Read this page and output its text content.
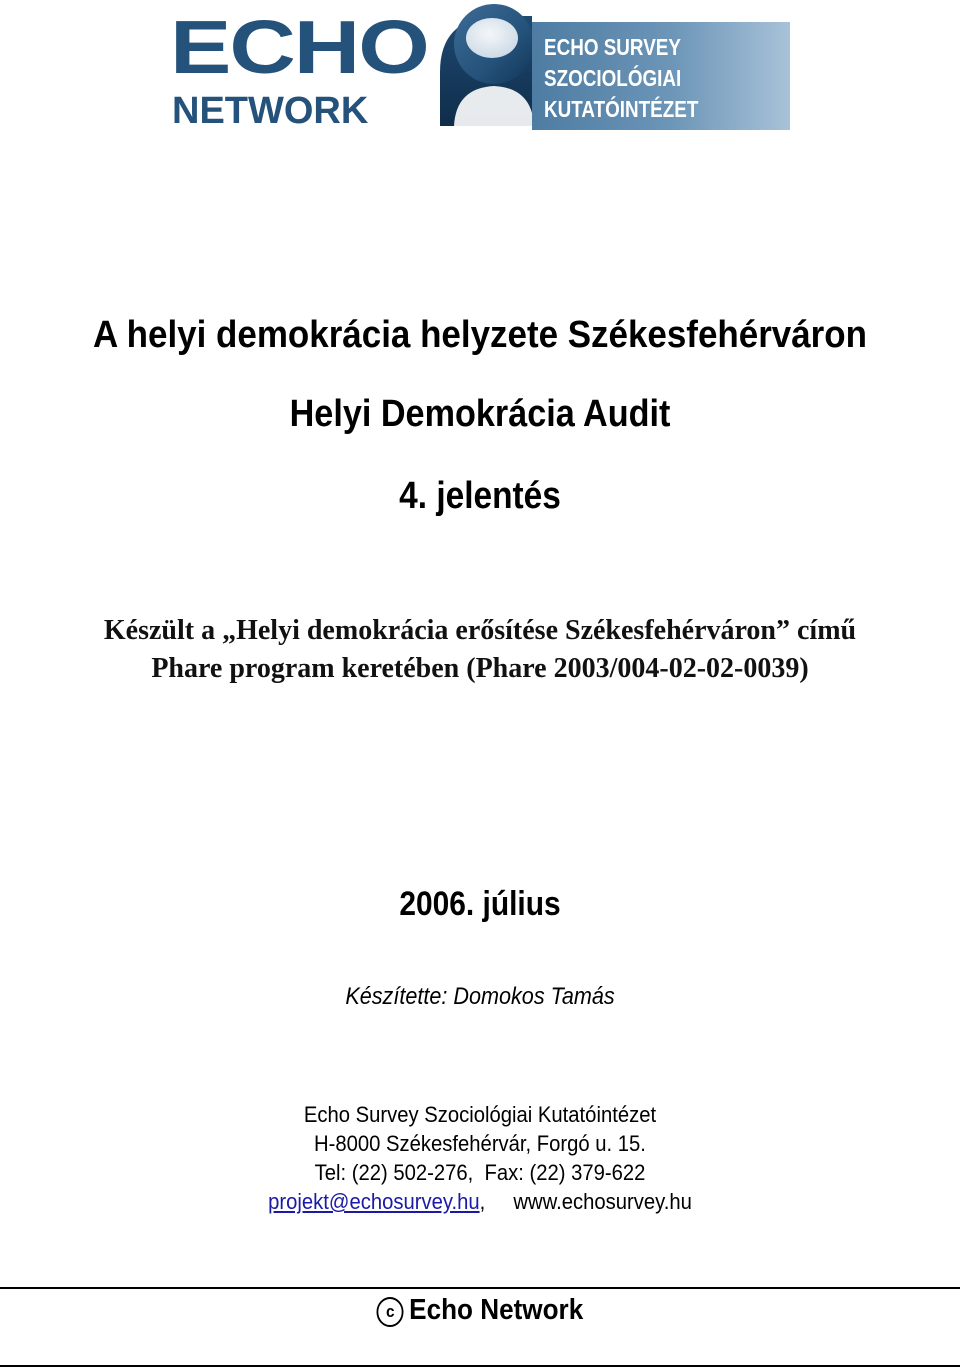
ECHO
NETWORK
ECHO SURVEY
SZOCIOLÓGIAI
KUTATÓINTÉZET
A helyi demokrácia helyzete Székesfehérváron
Helyi Demokrácia Audit
4. jelentés
Készült a „Helyi demokrácia erősítése Székesfehérváron” című
Phare program keretében (Phare 2003/004-02-02-0039)
2006. július
Készítette: Domokos Tamás
Echo Survey Szociológiai Kutatóintézet
H-8000 Székesfehérvár, Forgó u. 15.
Tel: (22) 502-276,  Fax: (22) 379-622
projekt@echosurvey.hu, www.echosurvey.hu
c Echo Network
